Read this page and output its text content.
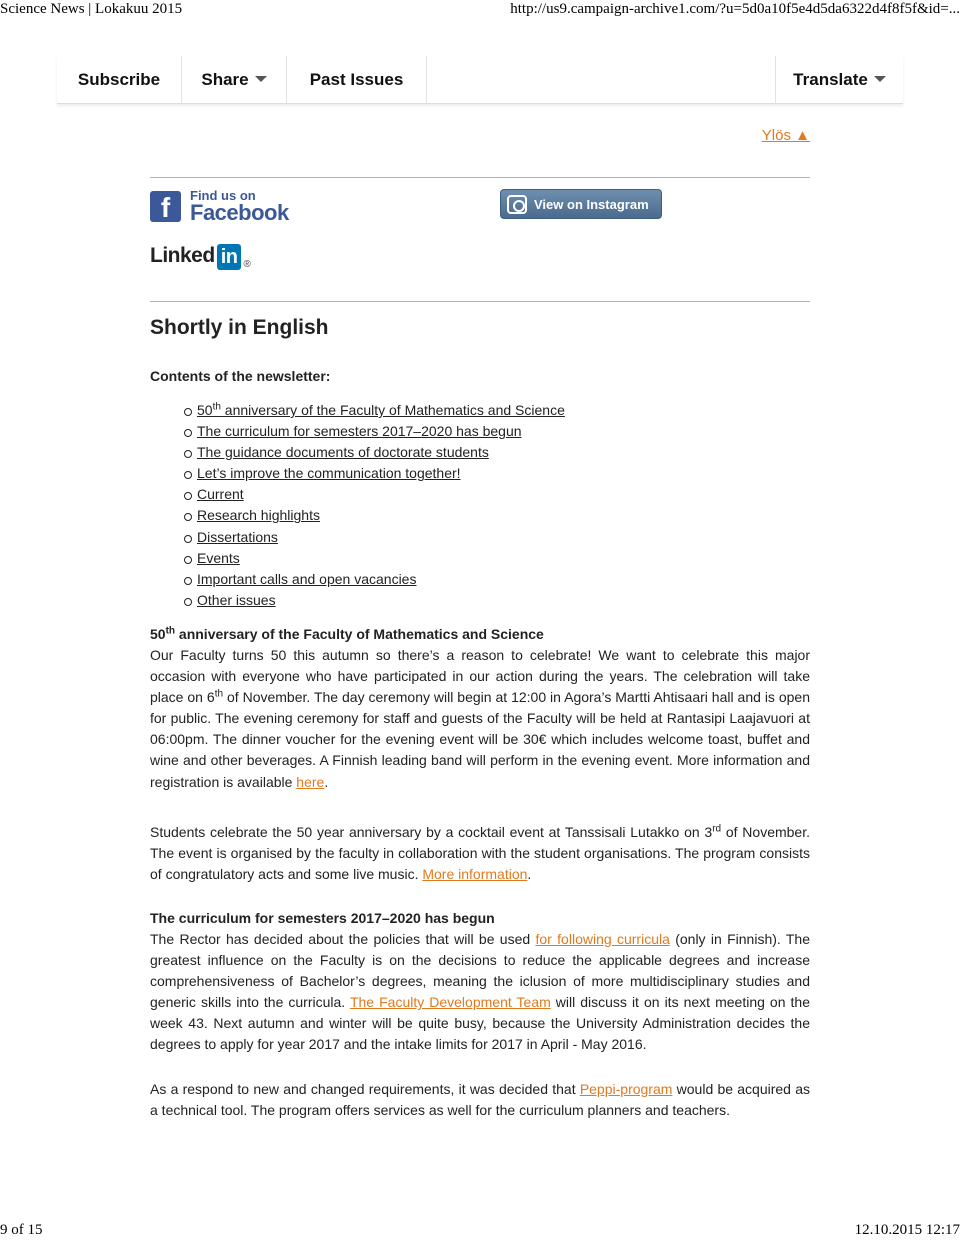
Science News | Lokakuu 2015	http://us9.campaign-archive1.com/?u=5d0a10f5e4d5da6322d4f8f5f&id=...
Subscribe	Share	Past Issues	Translate
Ylös ▲
f	Find us on
Facebook	View on Instagram
Linked in ®
Shortly in English
Contents of the newsletter:
50th anniversary of the Faculty of Mathematics and Science
The curriculum for semesters 2017–2020 has begun
The guidance documents of doctorate students
Let’s improve the communication together!
Current
Research highlights
Dissertations
Events
Important calls and open vacancies
Other issues
50th anniversary of the Faculty of Mathematics and Science

Our Faculty turns 50 this autumn so there’s a reason to celebrate! We want to celebrate this major occasion with everyone who have participated in our action during the years. The celebration will take place on 6th of November. The day ceremony will begin at 12:00 in Agora’s Martti Ahtisaari hall and is open for public. The evening ceremony for staff and guests of the Faculty will be held at Rantasipi Laajavuori at 06:00pm. The dinner voucher for the evening event will be 30€ which includes welcome toast, buffet and wine and other beverages. A Finnish leading band will perform in the evening event. More information and registration is available here.

Students celebrate the 50 year anniversary by a cocktail event at Tanssisali Lutakko on 3rd of November. The event is organised by the faculty in collaboration with the student organisations. The program consists of congratulatory acts and some live music. More information.

The curriculum for semesters 2017–2020 has begun

The Rector has decided about the policies that will be used for following curricula (only in Finnish). The greatest influence on the Faculty is on the decisions to reduce the applicable degrees and increase comprehensiveness of Bachelor’s degrees, meaning the iclusion of more multidisciplinary studies and generic skills into the curricula. The Faculty Development Team will discuss it on its next meeting on the week 43. Next autumn and winter will be quite busy, because the University Administration decides the degrees to apply for year 2017 and the intake limits for 2017 in April - May 2016.

As a respond to new and changed requirements, it was decided that Peppi-program would be acquired as a technical tool. The program offers services as well for the curriculum planners and teachers.

9 of 15	12.10.2015 12:17
